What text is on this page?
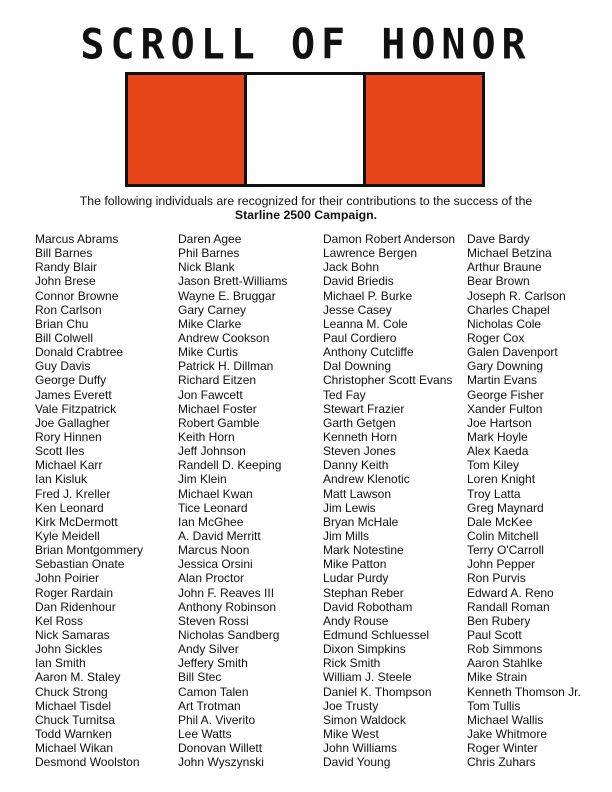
SCROLL OF HONOR
The following individuals are recognized for their contributions to the success of the
Starline 2500 Campaign.
Marcus Abrams
Bill Barnes
Randy Blair
John Brese
Connor Browne
Ron Carlson
Brian Chu
Bill Colwell
Donald Crabtree
Guy Davis
George Duffy
James Everett
Vale Fitzpatrick
Joe Gallagher
Rory Hinnen
Scott Iles
Michael Karr
Ian Kisluk
Fred J. Kreller
Ken Leonard
Kirk McDermott
Kyle Meidell
Brian Montgommery
Sebastian Onate
John Poirier
Roger Rardain
Dan Ridenhour
Kel Ross
Nick Samaras
John Sickles
Ian Smith
Aaron M. Staley
Chuck Strong
Michael Tisdel
Chuck Turnitsa
Todd Warnken
Michael Wikan
Desmond Woolston
Daren Agee
Phil Barnes
Nick Blank
Jason Brett-Williams
Wayne E. Bruggar
Gary Carney
Mike Clarke
Andrew Cookson
Mike Curtis
Patrick H. Dillman
Richard Eitzen
Jon Fawcett
Michael Foster
Robert Gamble
Keith Horn
Jeff Johnson
Randell D. Keeping
Jim Klein
Michael Kwan
Tice Leonard
Ian McGhee
A. David Merritt
Marcus Noon
Jessica Orsini
Alan Proctor
John F. Reaves III
Anthony Robinson
Steven Rossi
Nicholas Sandberg
Andy Silver
Jeffery Smith
Bill Stec
Camon Talen
Art Trotman
Phil A. Viverito
Lee Watts
Donovan Willett
John Wyszynski
Damon Robert Anderson
Lawrence Bergen
Jack Bohn
David Briedis
Michael P. Burke
Jesse Casey
Leanna M. Cole
Paul Cordiero
Anthony Cutcliffe
Dal Downing
Christopher Scott Evans
Ted Fay
Stewart Frazier
Garth Getgen
Kenneth Horn
Steven Jones
Danny Keith
Andrew Klenotic
Matt Lawson
Jim Lewis
Bryan McHale
Jim Mills
Mark Notestine
Mike Patton
Ludar Purdy
Stephan Reber
David Robotham
Andy Rouse
Edmund Schluessel
Dixon Simpkins
Rick Smith
William J. Steele
Daniel K. Thompson
Joe Trusty
Simon Waldock
Mike West
John Williams
David Young
Dave Bardy
Michael Betzina
Arthur Braune
Bear Brown
Joseph R. Carlson
Charles Chapel
Nicholas Cole
Roger Cox
Galen Davenport
Gary Downing
Martin Evans
George Fisher
Xander Fulton
Joe Hartson
Mark Hoyle
Alex Kaeda
Tom Kiley
Loren Knight
Troy Latta
Greg Maynard
Dale McKee
Colin Mitchell
Terry O'Carroll
John Pepper
Ron Purvis
Edward A. Reno
Randall Roman
Ben Rubery
Paul Scott
Rob Simmons
Aaron Stahlke
Mike Strain
Kenneth Thomson Jr.
Tom Tullis
Michael Wallis
Jake Whitmore
Roger Winter
Chris Zuhars
